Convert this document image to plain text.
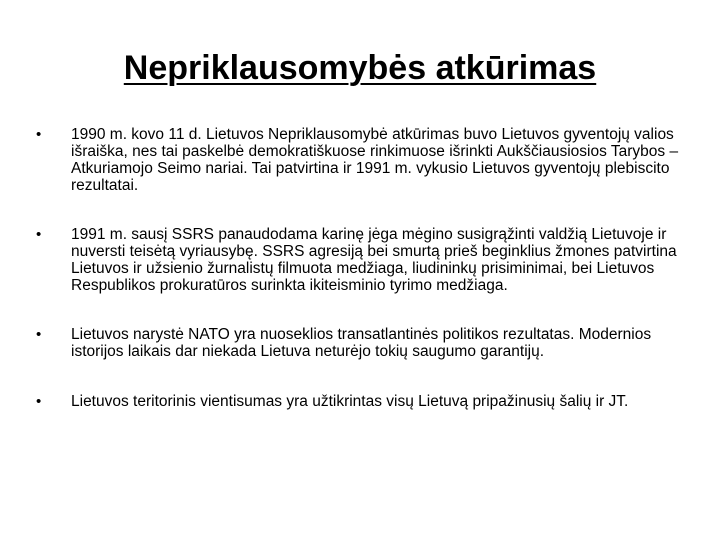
Nepriklausomybės atkūrimas
• 1990 m. kovo 11 d. Lietuvos Nepriklausomybė atkūrimas buvo Lietuvos gyventojų valios išraiška, nes tai paskelbė demokratiškuose rinkimuose išrinkti Aukščiausiosios Tarybos – Atkuriamojo Seimo nariai. Tai patvirtina ir 1991 m. vykusio Lietuvos gyventojų plebiscito rezultatai.
• 1991 m. sausį SSRS panaudodama karinę jėga mėgino susigrąžinti valdžią Lietuvoje ir nuversti teisėtą vyriausybę. SSRS agresiją bei smurtą prieš beginklius žmones patvirtina Lietuvos ir užsienio žurnalistų filmuota medžiaga, liudininkų prisiminimai, bei Lietuvos Respublikos prokuratūros surinkta ikiteisminio tyrimo medžiaga.
• Lietuvos narystė NATO yra nuoseklios transatlantinės politikos rezultatas. Modernios istorijos laikais dar niekada Lietuva neturėjo tokių saugumo garantijų.
• Lietuvos teritorinis vientisumas yra užtikrintas visų Lietuvą pripažinusių šalių ir JT.
